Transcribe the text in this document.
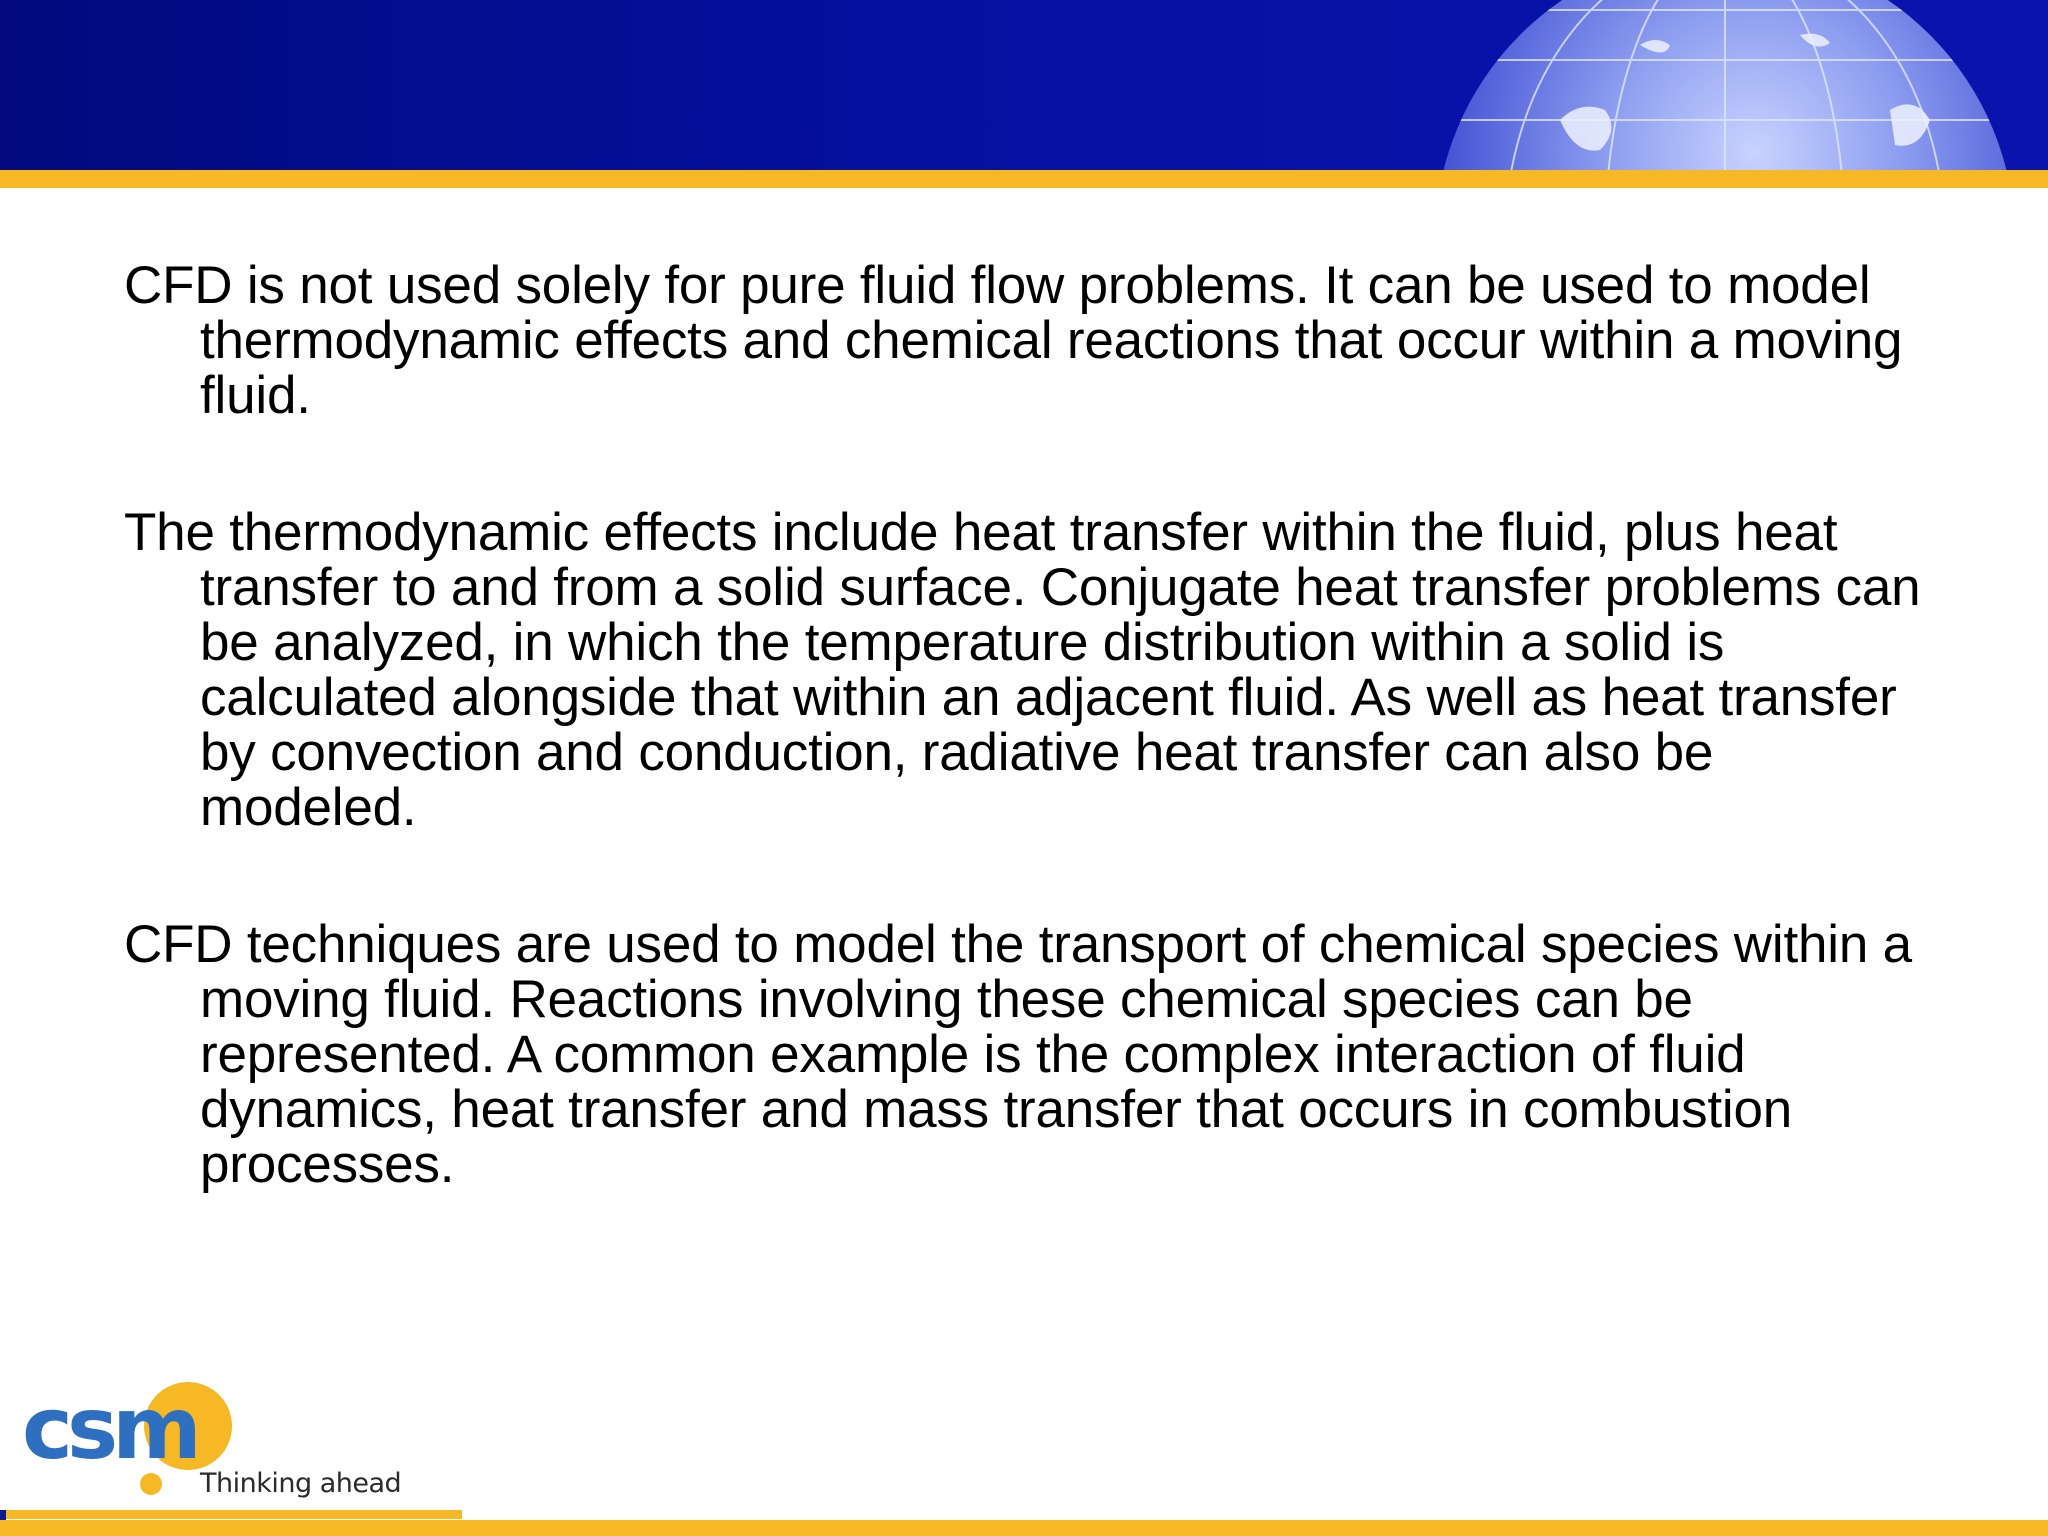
CFD is not used solely for pure fluid flow problems. It can be used to model thermodynamic effects and chemical reactions that occur within a moving fluid.
The thermodynamic effects include heat transfer within the fluid, plus heat transfer to and from a solid surface. Conjugate heat transfer problems can be analyzed, in which the temperature distribution within a solid is calculated alongside that within an adjacent fluid. As well as heat transfer by convection and conduction, radiative heat transfer can also be modeled.
CFD techniques are used to model the transport of chemical species within a moving fluid. Reactions involving these chemical species can be represented. A common example is the complex interaction of fluid dynamics, heat transfer and mass transfer that occurs in combustion processes.
csm
Thinking ahead
